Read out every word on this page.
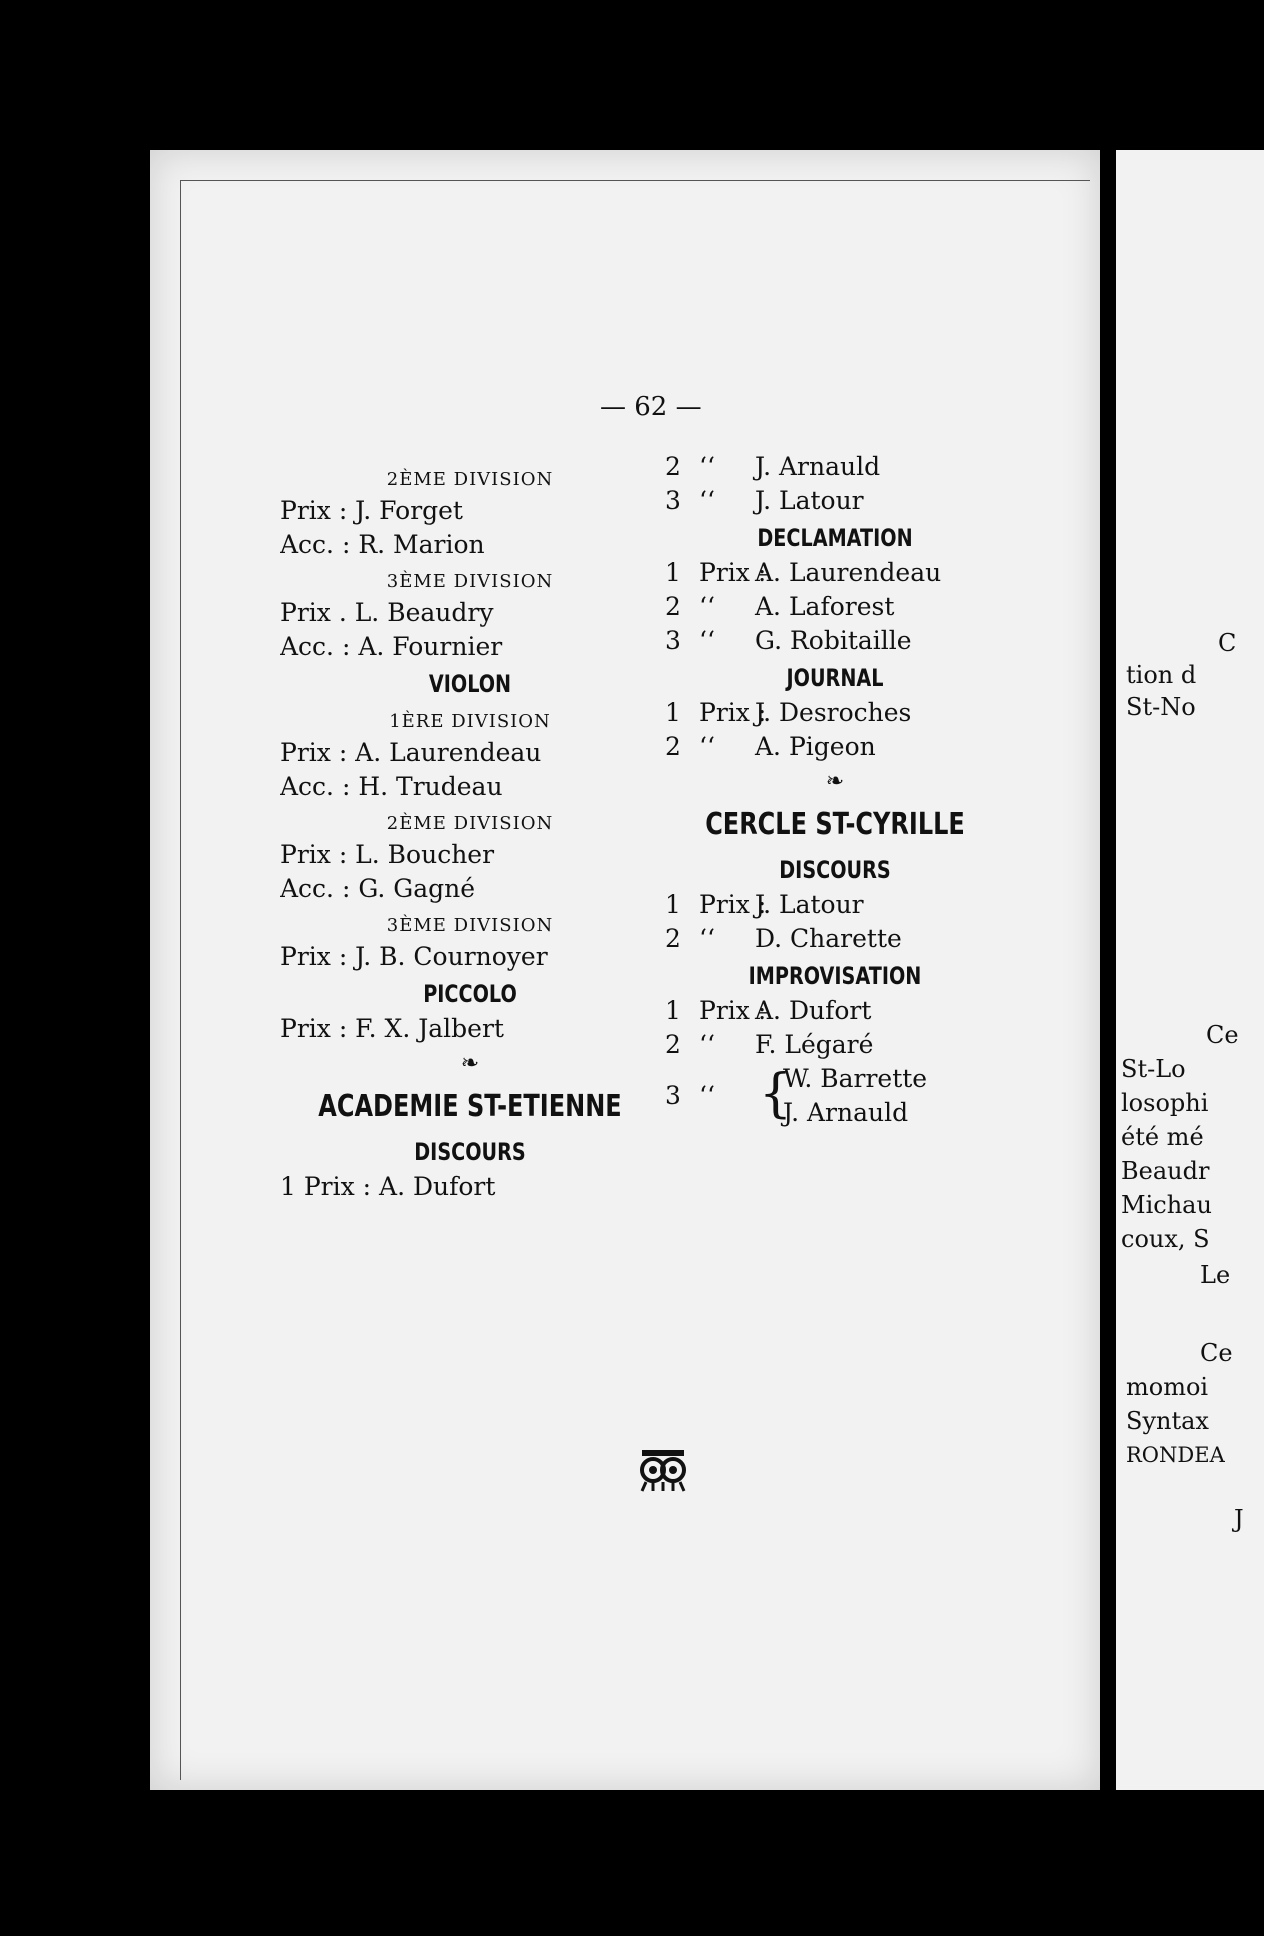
C
tion d
St-No
Ce
St-Lo
losophi
été mé
Beaudr
Michau
coux, S
Le
Ce
momoi
Syntax
RONDEA
J
— 62 —
2ÈME DIVISION
Prix : J. Forget
Acc. : R. Marion
3ÈME DIVISION
Prix . L. Beaudry
Acc. : A. Fournier
VIOLON
1ÈRE DIVISION
Prix : A. Laurendeau
Acc. : H. Trudeau
2ÈME DIVISION
Prix : L. Boucher
Acc. : G. Gagné
3ÈME DIVISION
Prix : J. B. Cournoyer
PICCOLO
Prix : F. X. Jalbert
❧
ACADEMIE ST-ETIENNE
DISCOURS
1 Prix : A. Dufort
2 ‘‘ J. Arnauld
3 ‘‘ J. Latour
DECLAMATION
1 Prix :A. Laurendeau
2 ‘‘ A. Laforest
3 ‘‘ G. Robitaille
JOURNAL
1 Prix :J. Desroches
2 ‘‘ A. Pigeon
❧
CERCLE ST-CYRILLE
DISCOURS
1 Prix :J. Latour
2 ‘‘ D. Charette
IMPROVISATION
1 Prix :A. Dufort
2 ‘‘ F. Légaré
3 ‘‘ {
W. Barrette
J. Arnauld
